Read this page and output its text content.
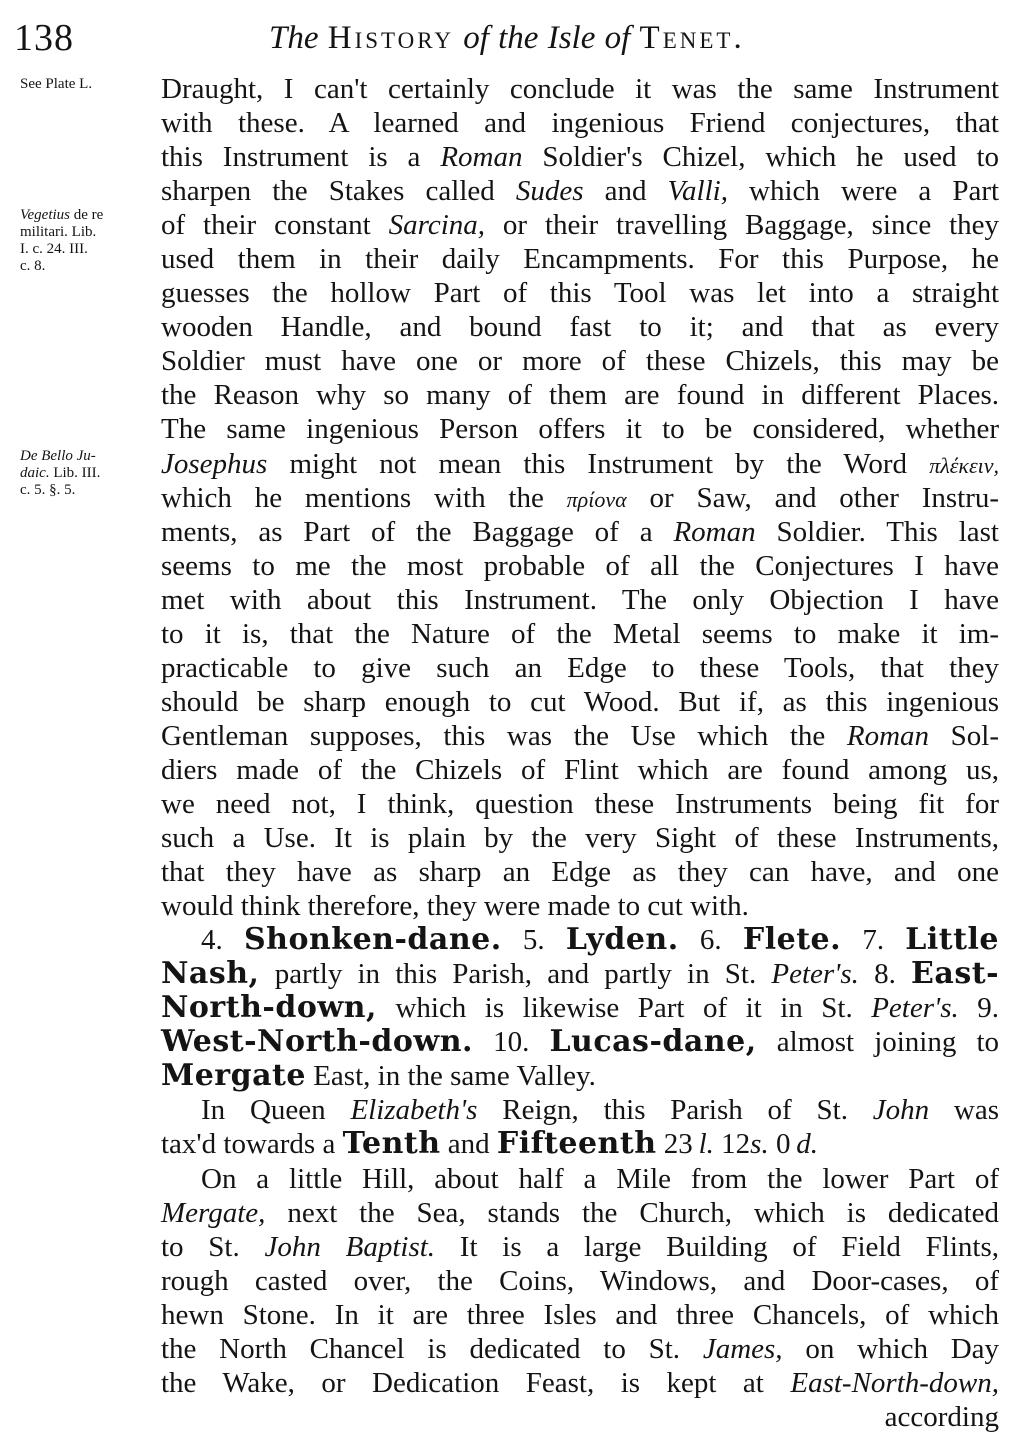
138	The History of the Isle of Tenet.
See Plate L.
Vegetius de re
militari. Lib.
I. c. 24. III.
c. 8.
De Bello Ju-
daic. Lib. III.
c. 5. §. 5.
Draught, I can't certainly conclude it was the same Instrument
with these. A learned and ingenious Friend conjectures, that
this Instrument is a Roman Soldier's Chizel, which he used to
sharpen the Stakes called Sudes and Valli, which were a Part
of their constant Sarcina, or their travelling Baggage, since they
used them in their daily Encampments. For this Purpose, he
guesses the hollow Part of this Tool was let into a straight
wooden Handle, and bound fast to it; and that as every
Soldier must have one or more of these Chizels, this may be
the Reason why so many of them are found in different Places.
The same ingenious Person offers it to be considered, whether
Josephus might not mean this Instrument by the Word πλέκειν,
which he mentions with the πρίονα or Saw, and other Instru-
ments, as Part of the Baggage of a Roman Soldier. This last
seems to me the most probable of all the Conjectures I have
met with about this Instrument. The only Objection I have
to it is, that the Nature of the Metal seems to make it im-
practicable to give such an Edge to these Tools, that they
should be sharp enough to cut Wood. But if, as this ingenious
Gentleman supposes, this was the Use which the Roman Sol-
diers made of the Chizels of Flint which are found among us,
we need not, I think, question these Instruments being fit for
such a Use. It is plain by the very Sight of these Instruments,
that they have as sharp an Edge as they can have, and one
would think therefore, they were made to cut with.
4. Shonken-dane. 5. Lyden. 6. Flete. 7. Little
Nash, partly in this Parish, and partly in St. Peter's. 8. East-
North-down, which is likewise Part of it in St. Peter's. 9.
West-North-down. 10. Lucas-dane, almost joining to
Mergate East, in the same Valley.
In Queen Elizabeth's Reign, this Parish of St. John was
tax'd towards a Tenth and Fifteenth 23  l. 12s. 0  d.
On a little Hill, about half a Mile from the lower Part of
Mergate, next the Sea, stands the Church, which is dedicated
to St. John Baptist. It is a large Building of Field Flints,
rough casted over, the Coins, Windows, and Door-cases, of
hewn Stone. In it are three Isles and three Chancels, of which
the North Chancel is dedicated to St. James, on which Day
the Wake, or Dedication Feast, is kept at East-North-down,
according
